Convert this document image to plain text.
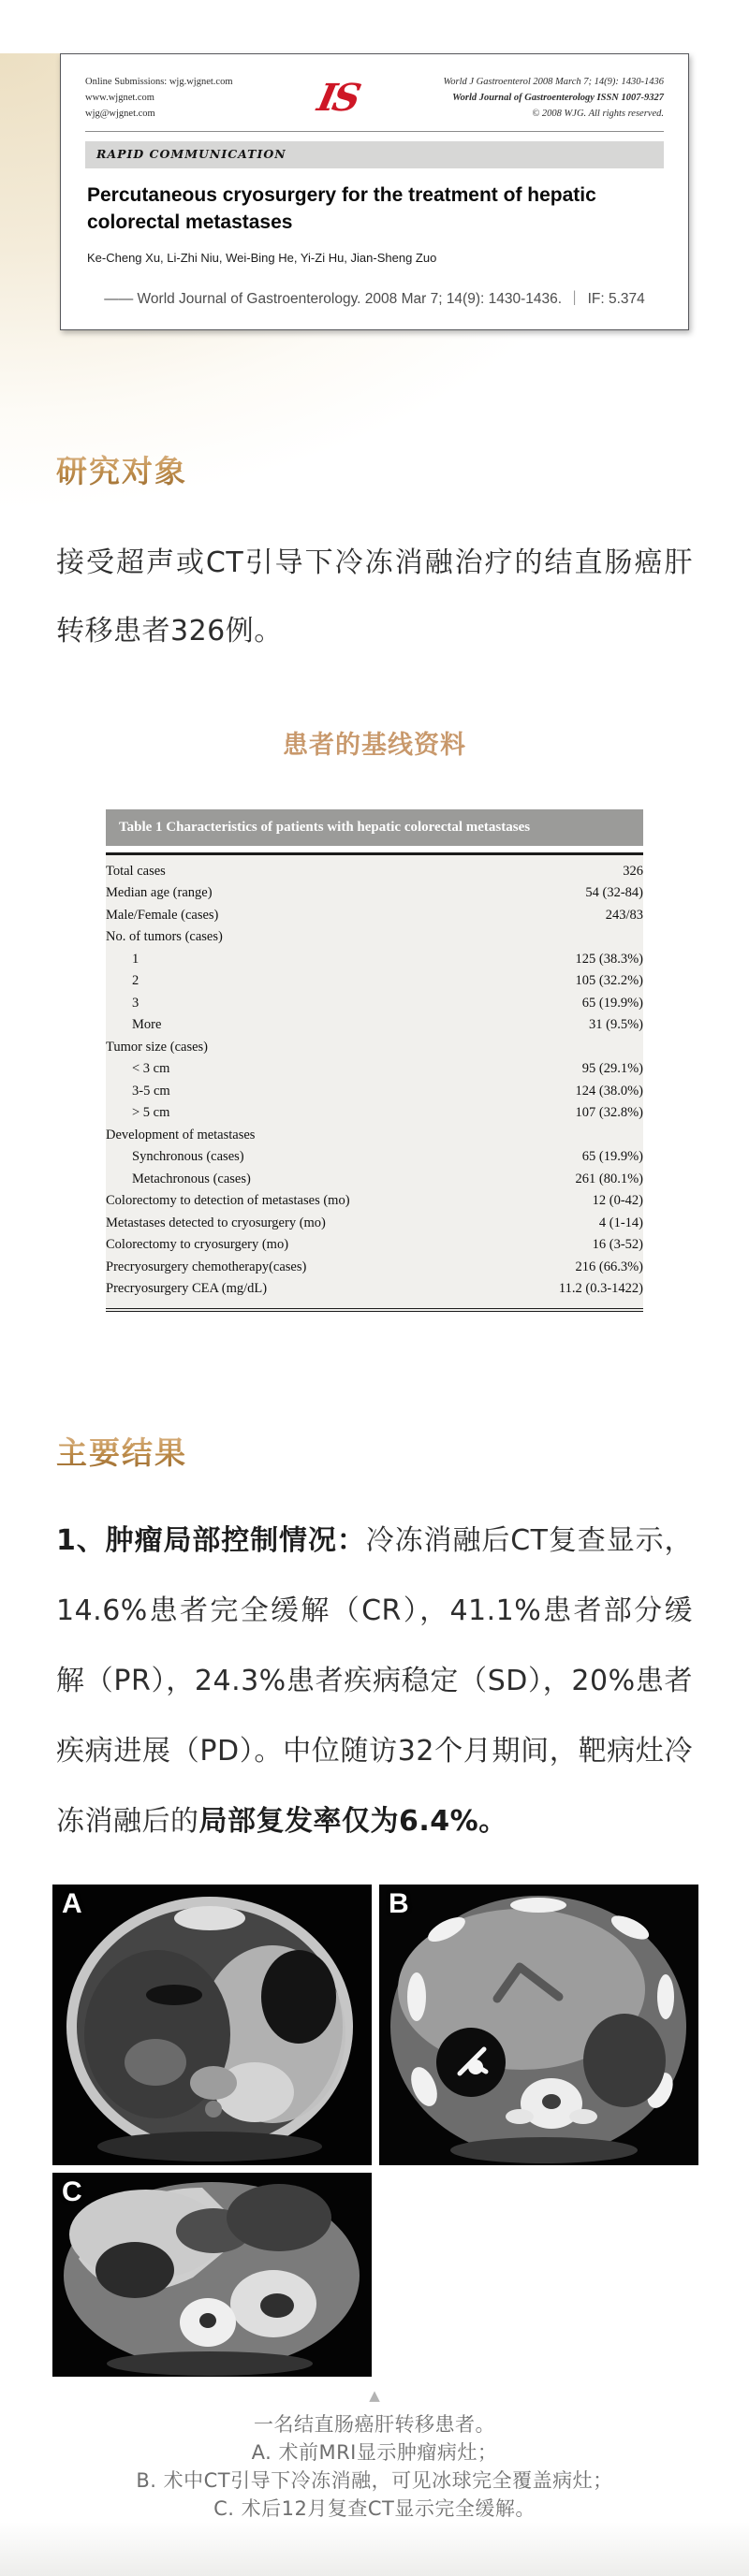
Online Submissions: wjg.wjgnet.com
www.wjgnet.com
wjg@wjgnet.com	IS	World J Gastroenterol 2008 March 7; 14(9): 1430-1436
World Journal of Gastroenterology ISSN 1007-9327
© 2008 WJG. All rights reserved.
RAPID COMMUNICATION
Percutaneous cryosurgery for the treatment of hepatic colorectal metastases
Ke-Cheng Xu, Li-Zhi Niu, Wei-Bing He, Yi-Zi Hu, Jian-Sheng Zuo
—— World Journal of Gastroenterology. 2008 Mar 7; 14(9): 1430-1436. ｜ IF: 5.374
研究对象
接受超声或CT引导下冷冻消融治疗的结直肠癌肝转移患者326例。
患者的基线资料
Table 1 Characteristics of patients with hepatic colorectal metastases
Total cases	326
Median age (range)	54 (32-84)
Male/Female (cases)	243/83
No. of tumors (cases)	
1	125 (38.3%)
2	105 (32.2%)
3	65 (19.9%)
More	31 (9.5%)
Tumor size (cases)	
< 3 cm	95 (29.1%)
3-5 cm	124 (38.0%)
> 5 cm	107 (32.8%)
Development of metastases	
Synchronous (cases)	65 (19.9%)
Metachronous (cases)	261 (80.1%)
Colorectomy to detection of metastases (mo)	12 (0-42)
Metastases detected to cryosurgery (mo)	4 (1-14)
Colorectomy to cryosurgery (mo)	16 (3-52)
Precryosurgery chemotherapy(cases)	216 (66.3%)
Precryosurgery CEA (mg/dL)	11.2 (0.3-1422)
主要结果
1、肿瘤局部控制情况：冷冻消融后CT复查显示，14.6%患者完全缓解（CR），41.1%患者部分缓解（PR），24.3%患者疾病稳定（SD），20%患者疾病进展（PD）。中位随访32个月期间，靶病灶冷冻消融后的局部复发率仅为6.4%。
A	B
C
▲
一名结直肠癌肝转移患者。
A. 术前MRI显示肿瘤病灶；
B. 术中CT引导下冷冻消融，可见冰球完全覆盖病灶；
C. 术后12月复查CT显示完全缓解。
